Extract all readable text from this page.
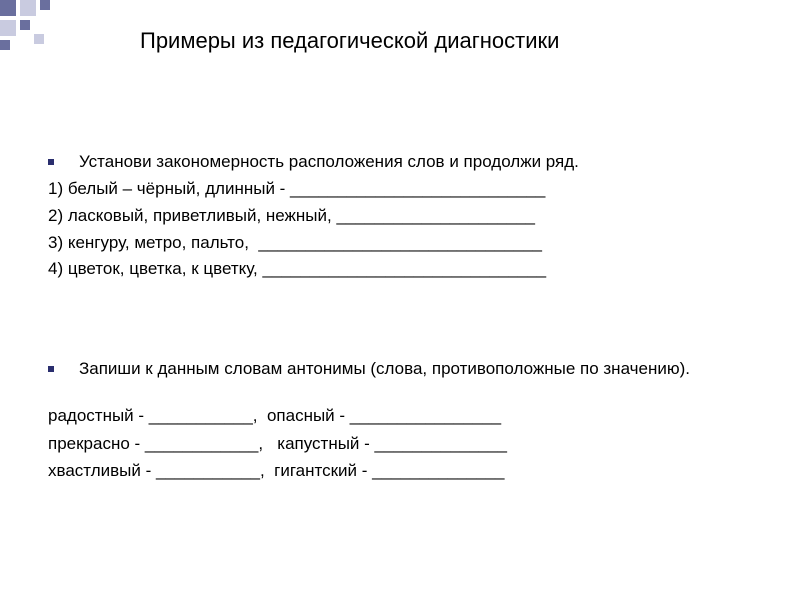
Примеры из педагогической диагностики
Установи закономерность расположения слов и продолжи ряд.
1) белый – чёрный, длинный - ___________________________
2) ласковый, приветливый, нежный, _____________________
3) кенгуру, метро, пальто,  ______________________________
4) цветок, цветка, к цветку, ______________________________
Запиши к данным словам антонимы (слова, противоположные по значению).
радостный - ___________,  опасный - ________________
прекрасно - ____________,   капустный - ______________
хвастливый - ___________,  гигантский - ______________
